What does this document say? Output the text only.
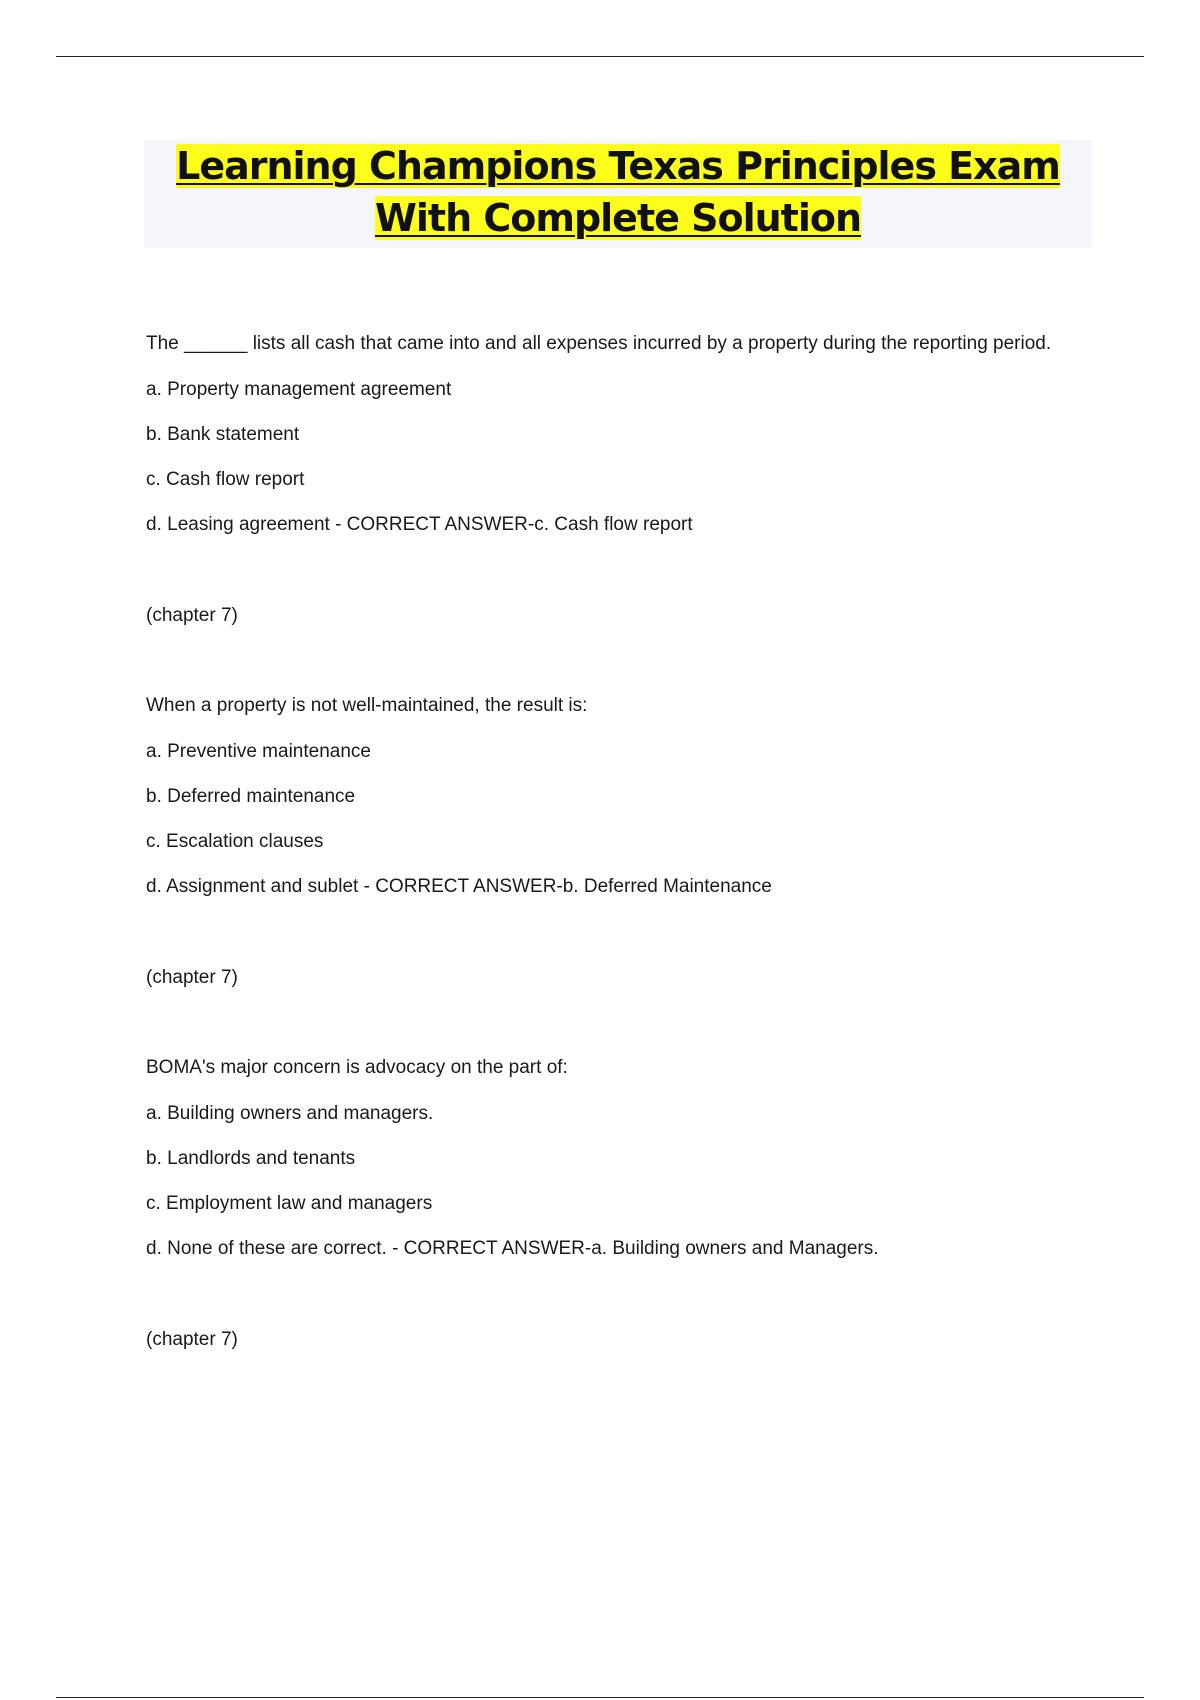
Learning Champions Texas Principles Exam
With Complete Solution

The ______ lists all cash that came into and all expenses incurred by a property during the reporting period.

a. Property management agreement

b. Bank statement

c. Cash flow report

d. Leasing agreement - CORRECT ANSWER-c. Cash flow report

(chapter 7)

When a property is not well-maintained, the result is:

a. Preventive maintenance

b. Deferred maintenance

c. Escalation clauses

d. Assignment and sublet - CORRECT ANSWER-b. Deferred Maintenance

(chapter 7)

BOMA's major concern is advocacy on the part of:

a. Building owners and managers.

b. Landlords and tenants

c. Employment law and managers

d. None of these are correct. - CORRECT ANSWER-a. Building owners and Managers.

(chapter 7)
